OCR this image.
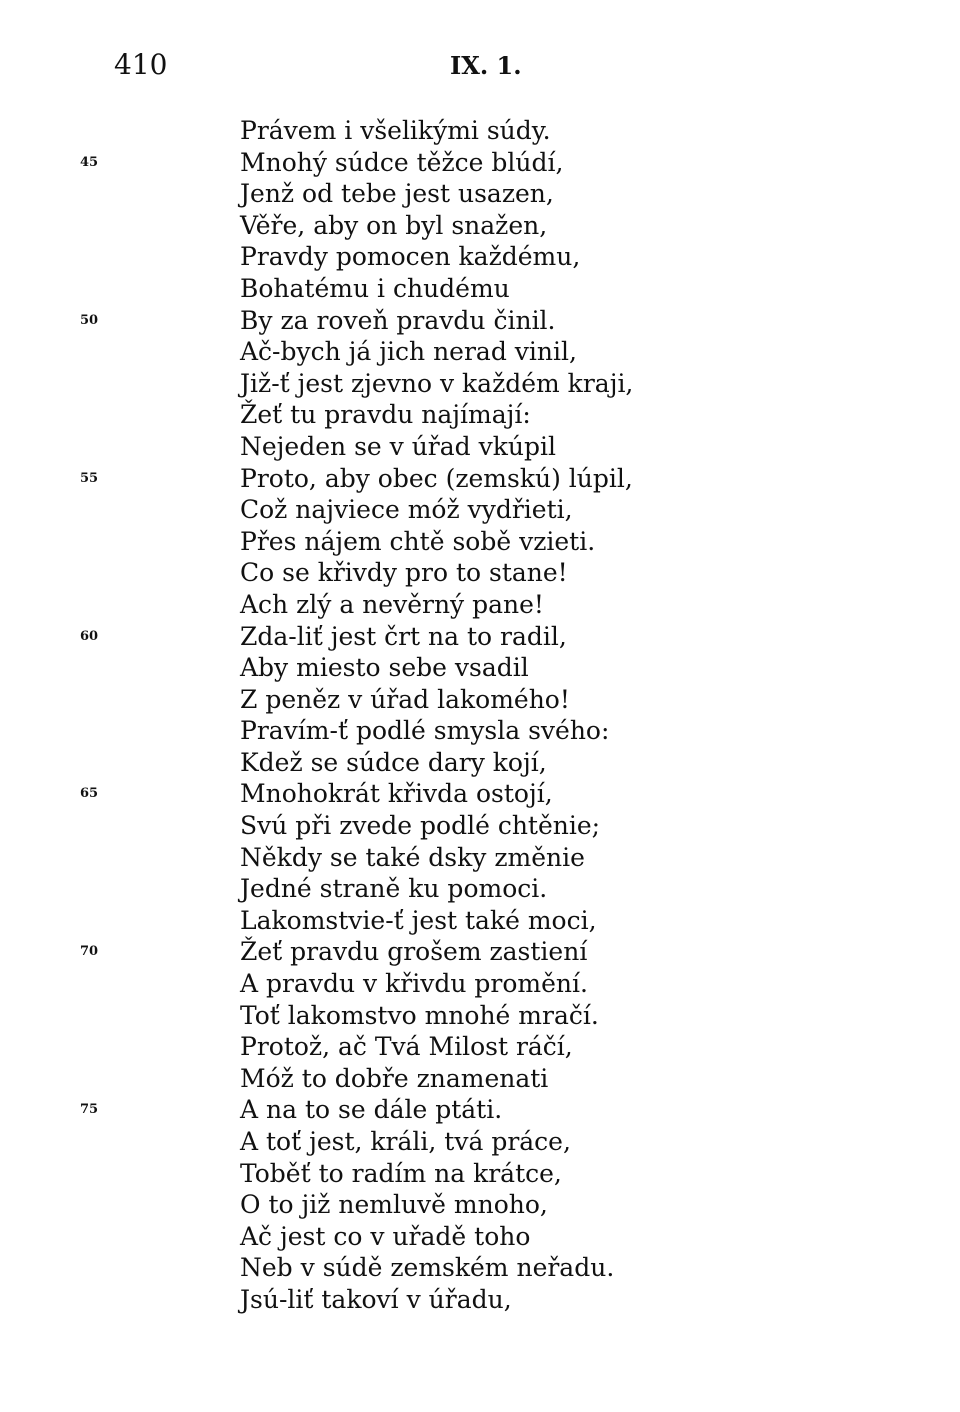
410	IX. 1.
Právem i všelikými súdy.
45	Mnohý súdce těžce blúdí,
Jenž od tebe jest usazen,
Věře, aby on byl snažen,
Pravdy pomocen každému,
Bohatému i chudému
50	By za roveň pravdu činil.
Ač-bych já jich nerad vinil,
Již-ť jest zjevno v každém kraji,
Žeť tu pravdu najímají:
Nejeden se v úřad vkúpil
55	Proto, aby obec (zemskú) lúpil,
Což najviece móž vydřieti,
Přes nájem chtě sobě vzieti.
Co se křivdy pro to stane!
Ach zlý a nevěrný pane!
60	Zda-liť jest črt na to radil,
Aby miesto sebe vsadil
Z peněz v úřad lakomého!
Pravím-ť podlé smysla svého:
Kdež se súdce dary kojí,
65	Mnohokrát křivda ostojí,
Svú při zvede podlé chtěnie;
Někdy se také dsky změnie
Jedné straně ku pomoci.
Lakomstvie-ť jest také moci,
70	Žeť pravdu grošem zastiení
A pravdu v křivdu promění.
Toť lakomstvo mnohé mračí.
Protož, ač Tvá Milost ráčí,
Móž to dobře znamenati
75	A na to se dále ptáti.
A toť jest, králi, tvá práce,
Toběť to radím na krátce,
O to již nemluvě mnoho,
Ač jest co v uřadě toho
Neb v súdě zemském neřadu.
Jsú-liť takoví v úřadu,
